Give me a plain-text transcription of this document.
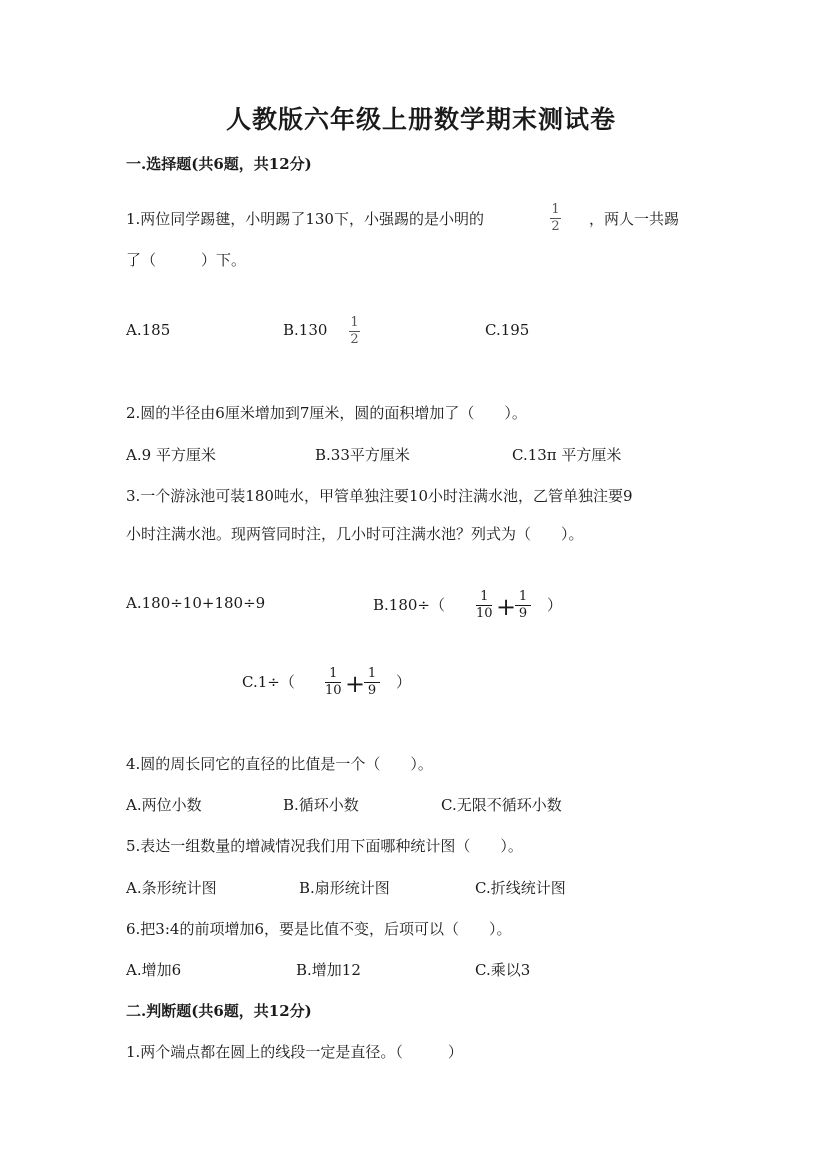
人教版六年级上册数学期末测试卷
一.选择题(共6题，共12分)
1.两位同学踢毽，小明踢了130下，小强踢的是小明的
1
2 ，两人一共踢
了（　　　）下。
A.185	B.130 1
2
C.195
2.圆的半径由6厘米增加到7厘米，圆的面积增加了（　　）。
A.9 平方厘米	B.33平方厘米	C.13π 平方厘米
3.一个游泳池可装180吨水，甲管单独注要10小时注满水池，乙管单独注要9
小时注满水池。现两管同时注，几小时可注满水池？列式为（　　）。
A.180÷10+180÷9	B.180÷（	1
10 + 1
9 ）
C.1÷（	1
10 + 1
9 ）
4.圆的周长同它的直径的比值是一个（　　）。
A.两位小数	B.循环小数	C.无限不循环小数
5.表达一组数量的增减情况我们用下面哪种统计图（　　）。
A.条形统计图	B.扇形统计图	C.折线统计图
6.把3:4的前项增加6，要是比值不变，后项可以（　　）。
A.增加6	B.增加12	C.乘以3
二.判断题(共6题，共12分)
1.两个端点都在圆上的线段一定是直径。（　　　）
